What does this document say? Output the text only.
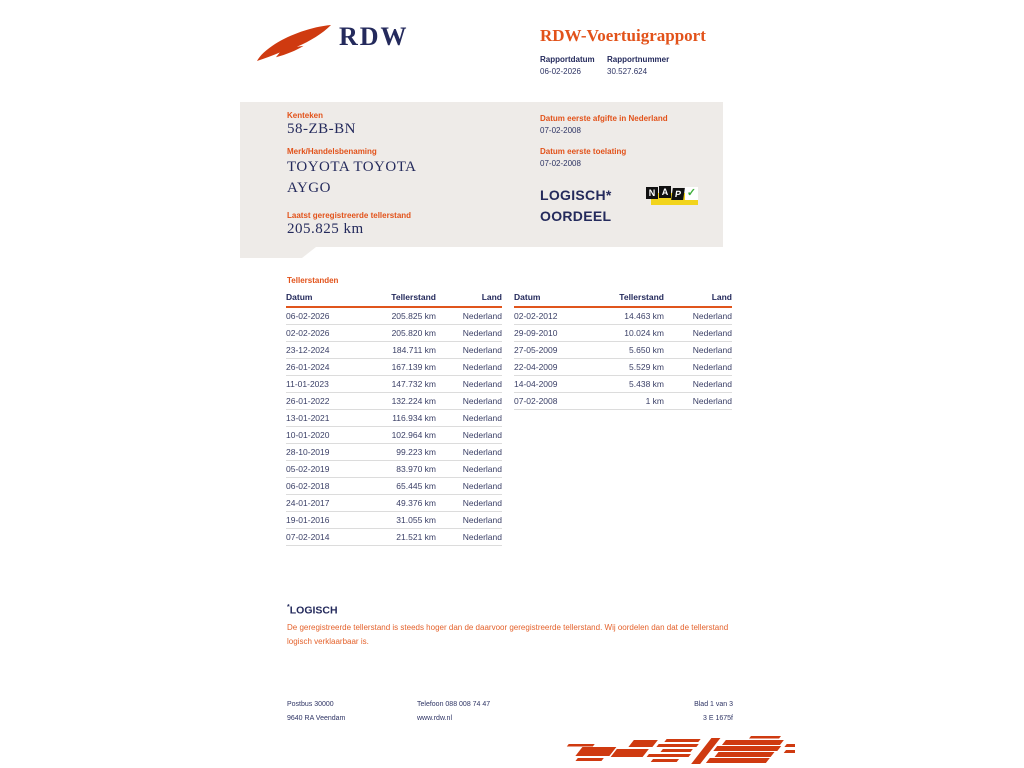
RDW	RDW-Voertuigrapport
Rapportdatum
06-02-2026
Rapportnummer
30.527.624
Kenteken
58-ZB-BN
Merk/Handelsbenaming
TOYOTA TOYOTA AYGO
Laatst geregistreerde tellerstand
205.825 km
Datum eerste afgifte in Nederland
07-02-2008
Datum eerste toelating
07-02-2008
LOGISCH*
OORDEEL
N A P ✓
Tellerstanden
Datum	Tellerstand	Land
06-02-2026	205.825 km	Nederland
02-02-2026	205.820 km	Nederland
23-12-2024	184.711 km	Nederland
26-01-2024	167.139 km	Nederland
11-01-2023	147.732 km	Nederland
26-01-2022	132.224 km	Nederland
13-01-2021	116.934 km	Nederland
10-01-2020	102.964 km	Nederland
28-10-2019	99.223 km	Nederland
05-02-2019	83.970 km	Nederland
06-02-2018	65.445 km	Nederland
24-01-2017	49.376 km	Nederland
19-01-2016	31.055 km	Nederland
07-02-2014	21.521 km	Nederland
Datum	Tellerstand	Land
02-02-2012	14.463 km	Nederland
29-09-2010	10.024 km	Nederland
27-05-2009	5.650 km	Nederland
22-04-2009	5.529 km	Nederland
14-04-2009	5.438 km	Nederland
07-02-2008	1 km	Nederland
*LOGISCH
De geregistreerde tellerstand is steeds hoger dan de daarvoor geregistreerde tellerstand. Wij oordelen dan dat de tellerstand logisch verklaarbaar is.
Postbus 30000
9640 RA Veendam
Telefoon 088 008 74 47
www.rdw.nl
Blad 1 van 3
3 E 1675f
